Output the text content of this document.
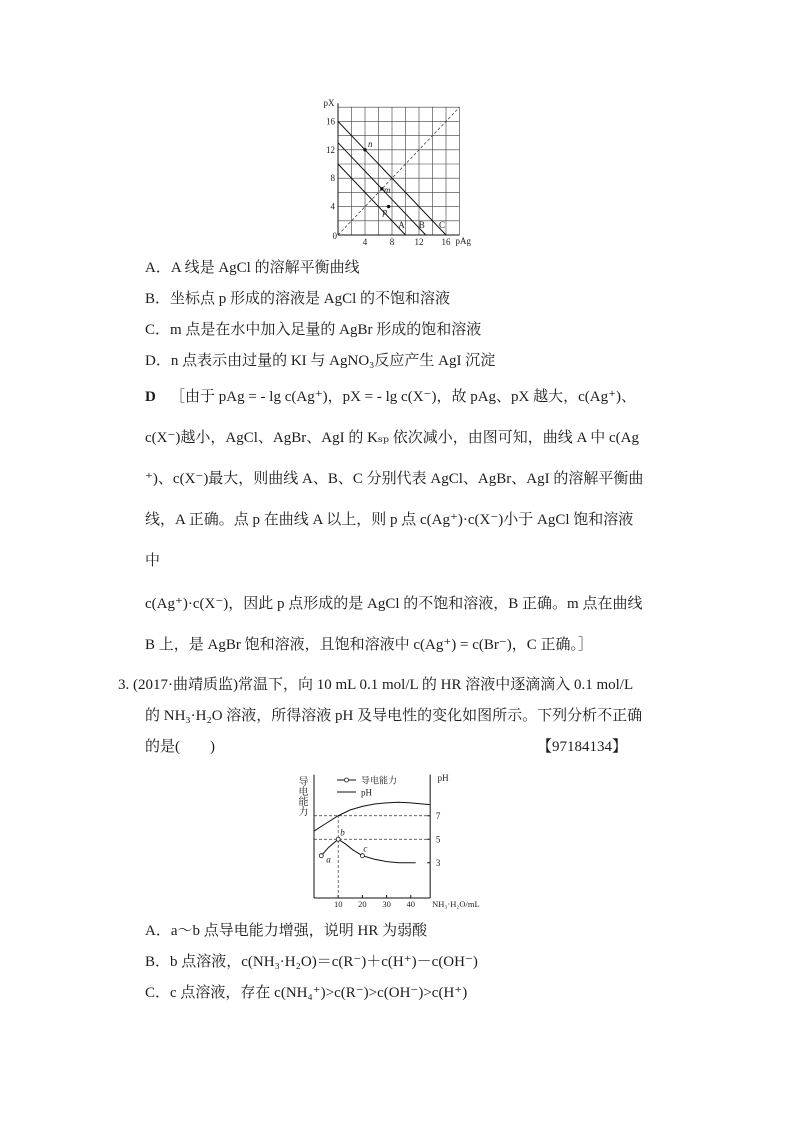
4	8 12 16
4
8
12
16
0
pX
pAg
A B C
n
m
p
A．A 线是 AgCl 的溶解平衡曲线
B．坐标点 p 形成的溶液是 AgCl 的不饱和溶液
C．m 点是在水中加入足量的 AgBr 形成的饱和溶液
D．n 点表示由过量的 KI 与 AgNO₃反应产生 AgI 沉淀
D ［由于 pAg = - lg c(Ag⁺)，pX = - lg c(X⁻)，故 pAg、pX 越大，c(Ag⁺)、
c(X⁻)越小，AgCl、AgBr、AgI 的 Kₛₚ 依次减小，由图可知，曲线 A 中 c(Ag
⁺)、c(X⁻)最大，则曲线 A、B、C 分别代表 AgCl、AgBr、AgI 的溶解平衡曲
线，A 正确。点 p 在曲线 A 以上，则 p 点 c(Ag⁺)·c(X⁻)小于 AgCl 饱和溶液
中
c(Ag⁺)·c(X⁻)，因此 p 点形成的是 AgCl 的不饱和溶液，B 正确。m 点在曲线
B 上，是 AgBr 饱和溶液，且饱和溶液中 c(Ag⁺) = c(Br⁻)，C 正确。］
3. (2017·曲靖质监)常温下，向 10 mL 0.1 mol/L 的 HR 溶液中逐滴滴入 0.1 mol/L
的 NH₃·H₂O 溶液，所得溶液 pH 及导电性的变化如图所示。下列分析不正确
的是(　　)	【97184134】
导电能力
10 20 30 40
3
5
7
a
b
c
导电能力
pH
pH
NH₃·H₂O/mL
A．a～b 点导电能力增强，说明 HR 为弱酸
B．b 点溶液，c(NH₃·H₂O)＝c(R⁻)＋c(H⁺)－c(OH⁻)
C．c 点溶液，存在 c(NH₄⁺)>c(R⁻)>c(OH⁻)>c(H⁺)
